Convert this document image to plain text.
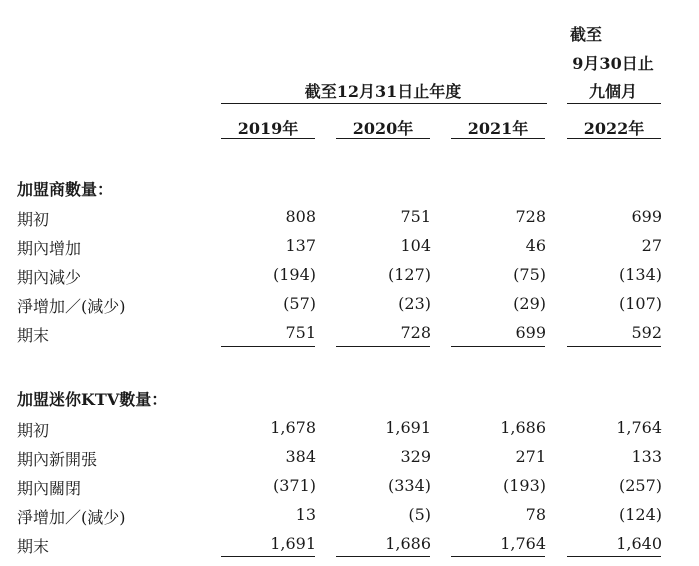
截至
9月30日止
九個月
截至12月31日止年度
2019年	2020年	2021年	2022年
加盟商數量：
期初	808	751	728	699
期內增加	137	104	46	27
期內減少	(194)	(127)	(75)	(134)
淨增加／(減少)	(57)	(23)	(29)	(107)
期末	751	728	699	592
加盟迷你KTV數量：
期初	1,678	1,691	1,686	1,764
期內新開張	384	329	271	133
期內關閉	(371)	(334)	(193)	(257)
淨增加／(減少)	13	(5)	78	(124)
期末	1,691	1,686	1,764	1,640
